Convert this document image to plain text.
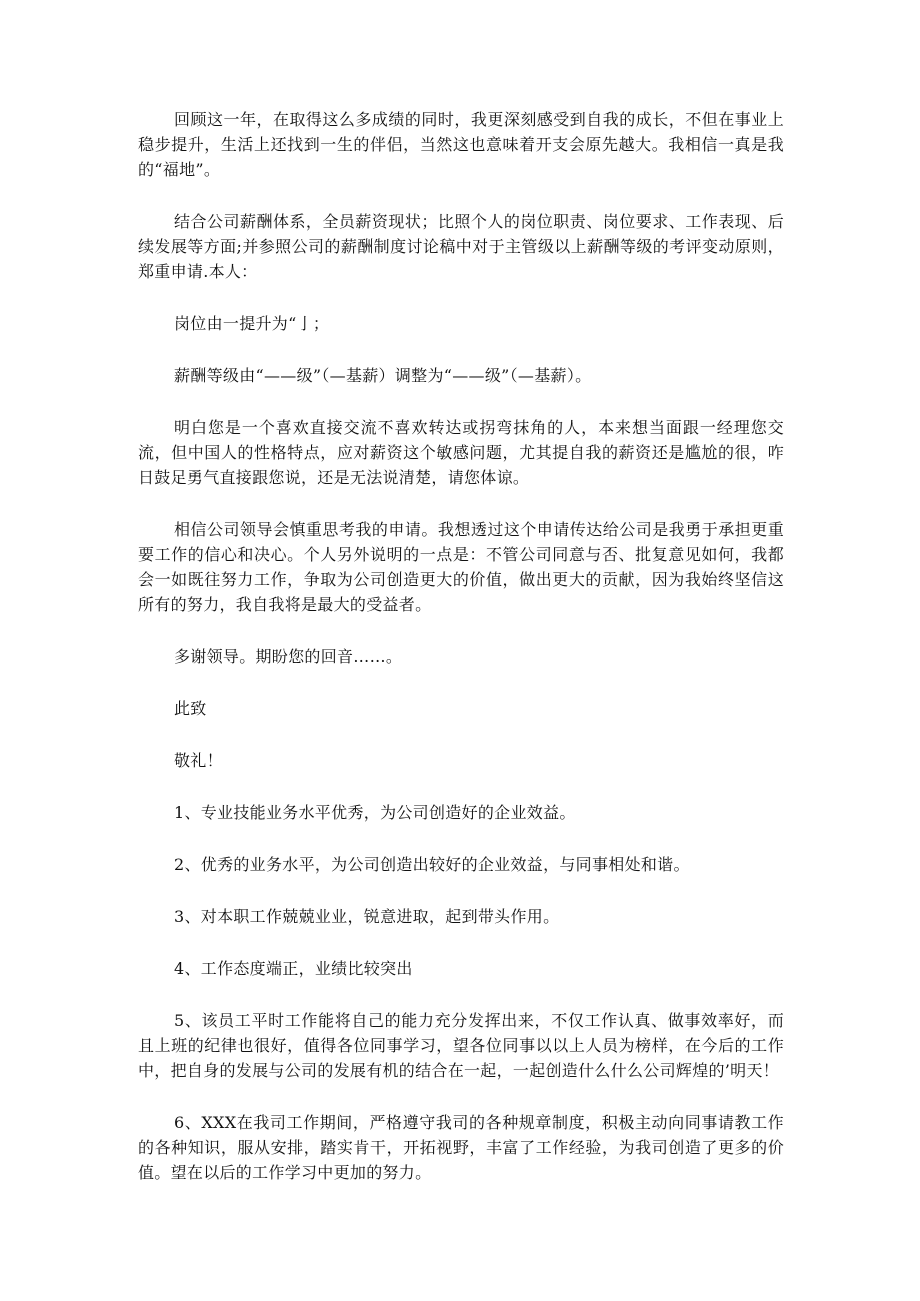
回顾这一年，在取得这么多成绩的同时，我更深刻感受到自我的成长，不但在事业上稳步提升，生活上还找到一生的伴侣，当然这也意味着开支会原先越大。我相信一真是我的“福地”。

结合公司薪酬体系，全员薪资现状；比照个人的岗位职责、岗位要求、工作表现、后续发展等方面;并参照公司的薪酬制度讨论稿中对于主管级以上薪酬等级的考评变动原则，郑重申请.本人：

岗位由一提升为“亅；

薪酬等级由“——级”（—基薪）调整为“——级”（—基薪）。

明白您是一个喜欢直接交流不喜欢转达或拐弯抹角的人，本来想当面跟一经理您交流，但中国人的性格特点，应对薪资这个敏感问题，尤其提自我的薪资还是尴尬的很，咋日鼓足勇气直接跟您说，还是无法说清楚，请您体谅。

相信公司领导会慎重思考我的申请。我想透过这个申请传达给公司是我勇于承担更重要工作的信心和决心。个人另外说明的一点是：不管公司同意与否、批复意见如何，我都会一如既往努力工作，争取为公司创造更大的价值，做出更大的贡献，因为我始终坚信这所有的努力，我自我将是最大的受益者。

多谢领导。期盼您的回音……。

此致

敬礼！

1、专业技能业务水平优秀，为公司创造好的企业效益。

2、优秀的业务水平，为公司创造出较好的企业效益，与同事相处和谐。

3、对本职工作兢兢业业，锐意进取，起到带头作用。

4、工作态度端正，业绩比较突出

5、该员工平时工作能将自己的能力充分发挥出来，不仅工作认真、做事效率好，而且上班的纪律也很好，值得各位同事学习，望各位同事以以上人员为榜样，在今后的工作中，把自身的发展与公司的发展有机的结合在一起，一起创造什么什么公司辉煌的’明天！

6、XXX在我司工作期间，严格遵守我司的各种规章制度，积极主动向同事请教工作的各种知识，服从安排，踏实肯干，开拓视野，丰富了工作经验，为我司创造了更多的价值。望在以后的工作学习中更加的努力。
